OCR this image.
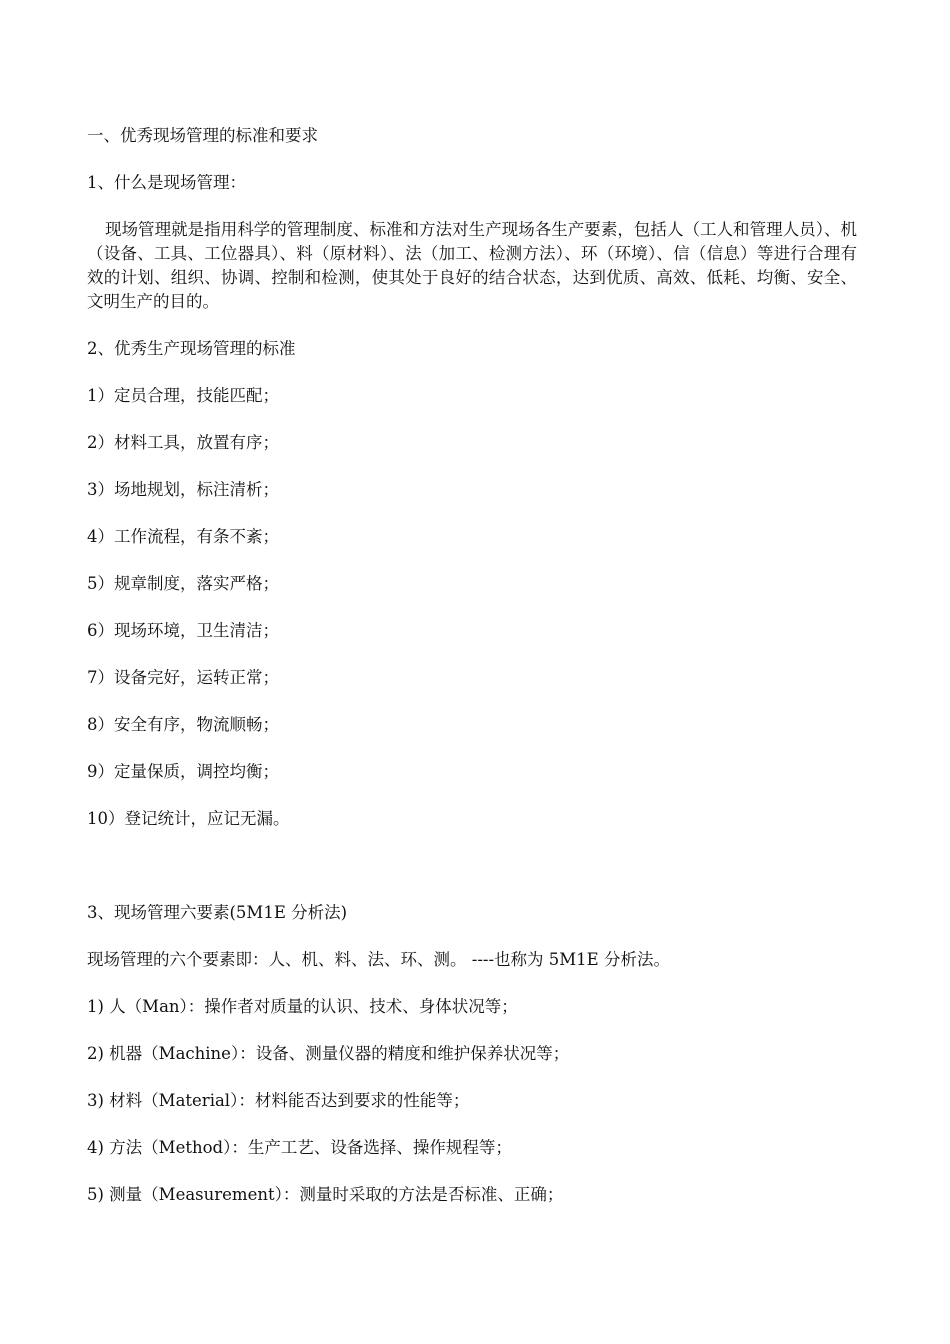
一、优秀现场管理的标准和要求

1、什么是现场管理：

现场管理就是指用科学的管理制度、标准和方法对生产现场各生产要素，包括人（工人和管理人员）、机（设备、工具、工位器具）、料（原材料）、法（加工、检测方法）、环（环境）、信（信息）等进行合理有效的计划、组织、协调、控制和检测，使其处于良好的结合状态，达到优质、高效、低耗、均衡、安全、文明生产的目的。

2、优秀生产现场管理的标准

1）定员合理，技能匹配；

2）材料工具，放置有序；

3）场地规划，标注清析；

4）工作流程，有条不紊；

5）规章制度，落实严格；

6）现场环境，卫生清洁；

7）设备完好，运转正常；

8）安全有序，物流顺畅；

9）定量保质，调控均衡；

10）登记统计，应记无漏。

3、现场管理六要素(5M1E 分析法)

现场管理的六个要素即：人、机、料、法、环、测。 ----也称为 5M1E 分析法。

1) 人（Man）：操作者对质量的认识、技术、身体状况等；

2) 机器（Machine）：设备、测量仪器的精度和维护保养状况等；

3) 材料（Material）：材料能否达到要求的性能等；

4) 方法（Method）：生产工艺、设备选择、操作规程等；

5) 测量（Measurement）：测量时采取的方法是否标准、正确；
